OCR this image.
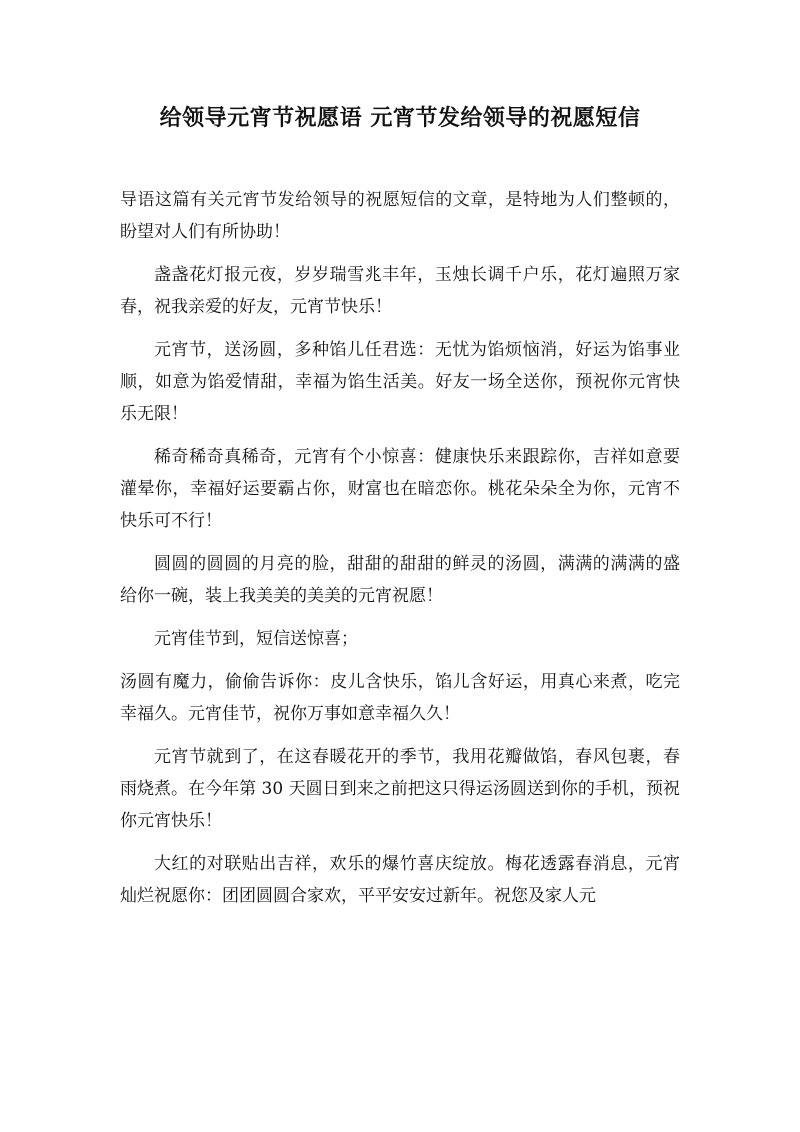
给领导元宵节祝愿语 元宵节发给领导的祝愿短信

导语这篇有关元宵节发给领导的祝愿短信的文章，是特地为人们整顿的，盼望对人们有所协助！

盏盏花灯报元夜，岁岁瑞雪兆丰年，玉烛长调千户乐，花灯遍照万家春，祝我亲爱的好友，元宵节快乐！

元宵节，送汤圆，多种馅儿任君选：无忧为馅烦恼消，好运为馅事业顺，如意为馅爱情甜，幸福为馅生活美。好友一场全送你，预祝你元宵快乐无限！

稀奇稀奇真稀奇，元宵有个小惊喜：健康快乐来跟踪你，吉祥如意要灌晕你，幸福好运要霸占你，财富也在暗恋你。桃花朵朵全为你，元宵不快乐可不行！

圆圆的圆圆的月亮的脸，甜甜的甜甜的鲜灵的汤圆，满满的满满的盛给你一碗，装上我美美的美美的元宵祝愿！

元宵佳节到，短信送惊喜；

汤圆有魔力，偷偷告诉你：皮儿含快乐，馅儿含好运，用真心来煮，吃完幸福久。元宵佳节，祝你万事如意幸福久久！

元宵节就到了，在这春暖花开的季节，我用花瓣做馅，春风包裹，春雨烧煮。在今年第 30 天圆日到来之前把这只得运汤圆送到你的手机，预祝你元宵快乐！

大红的对联贴出吉祥，欢乐的爆竹喜庆绽放。梅花透露春消息，元宵灿烂祝愿你：团团圆圆合家欢，平平安安过新年。祝您及家人元
